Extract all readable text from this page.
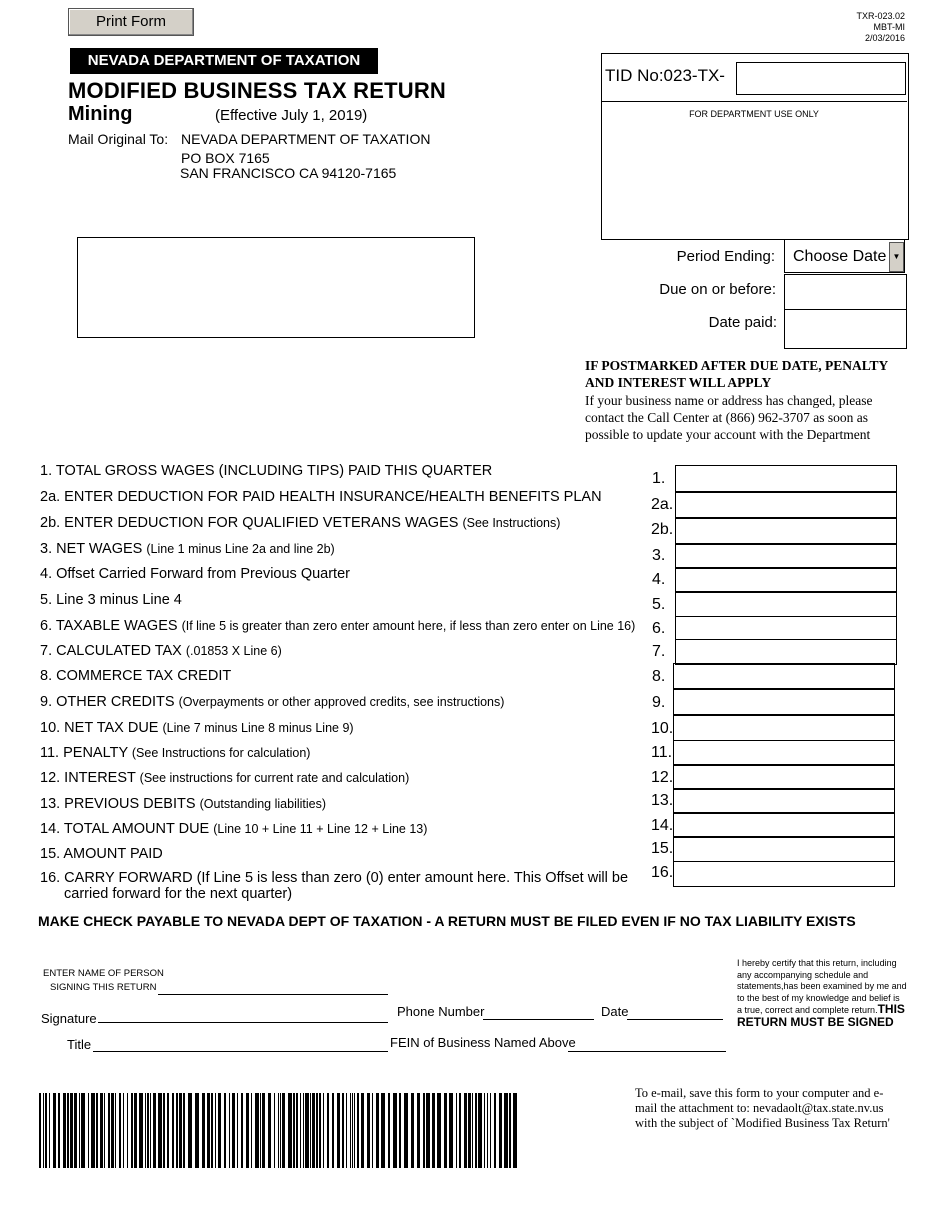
Print Form	TXR-023.02
MBT-MI
2/03/2016
NEVADA DEPARTMENT OF TAXATION
MODIFIED BUSINESS TAX RETURN
Mining	(Effective July 1, 2019)
Mail Original To: NEVADA DEPARTMENT OF TAXATION
PO BOX 7165
SAN FRANCISCO CA 94120-7165
TID No:023-TX-
FOR DEPARTMENT USE ONLY
Period Ending:	Choose Date ▼
Due on or before:
Date paid:
IF POSTMARKED AFTER DUE DATE, PENALTY AND INTEREST WILL APPLY
If your business name or address has changed, please contact the Call Center at (866) 962-3707 as soon as possible to update your account with the Department
1. TOTAL GROSS WAGES (INCLUDING TIPS) PAID THIS QUARTER	1.
2a. ENTER DEDUCTION FOR PAID HEALTH INSURANCE/HEALTH BENEFITS PLAN	2a.
2b. ENTER DEDUCTION FOR QUALIFIED VETERANS WAGES (See Instructions)	2b.
3. NET WAGES (Line 1 minus Line 2a and line 2b)	3.
4. Offset Carried Forward from Previous Quarter	4.
5. Line 3 minus Line 4	5.
6. TAXABLE WAGES (If line 5 is greater than zero enter amount here, if less than zero enter on Line 16) 6.
7. CALCULATED TAX (.01853 X Line 6)	7.
8. COMMERCE TAX CREDIT	8.
9. OTHER CREDITS (Overpayments or other approved credits, see instructions)	9.
10. NET TAX DUE (Line 7 minus Line 8 minus Line 9)	10.
11. PENALTY (See Instructions for calculation)	11.
12. INTEREST (See instructions for current rate and calculation)	12.
13. PREVIOUS DEBITS (Outstanding liabilities)	13.
14. TOTAL AMOUNT DUE (Line 10 + Line 11 + Line 12 + Line 13)	14.
15. AMOUNT PAID	15.
16. CARRY FORWARD (If Line 5 is less than zero (0) enter amount here. This Offset will be
carried forward for the next quarter)
16.
MAKE CHECK PAYABLE TO NEVADA DEPT OF TAXATION - A RETURN MUST BE FILED EVEN IF NO TAX LIABILITY EXISTS
ENTER NAME OF PERSON
SIGNING THIS RETURN
Signature	Phone Number	Date
Title	FEIN of Business Named Above
I hereby certify that this return, including any accompanying schedule and statements,has been examined by me and to the best of my knowledge and belief is a true, correct and complete return.THIS RETURN MUST BE SIGNED
To e-mail, save this form to your computer and e-mail the attachment to: nevadaolt@tax.state.nv.us with the subject of `Modified Business Tax Return'
